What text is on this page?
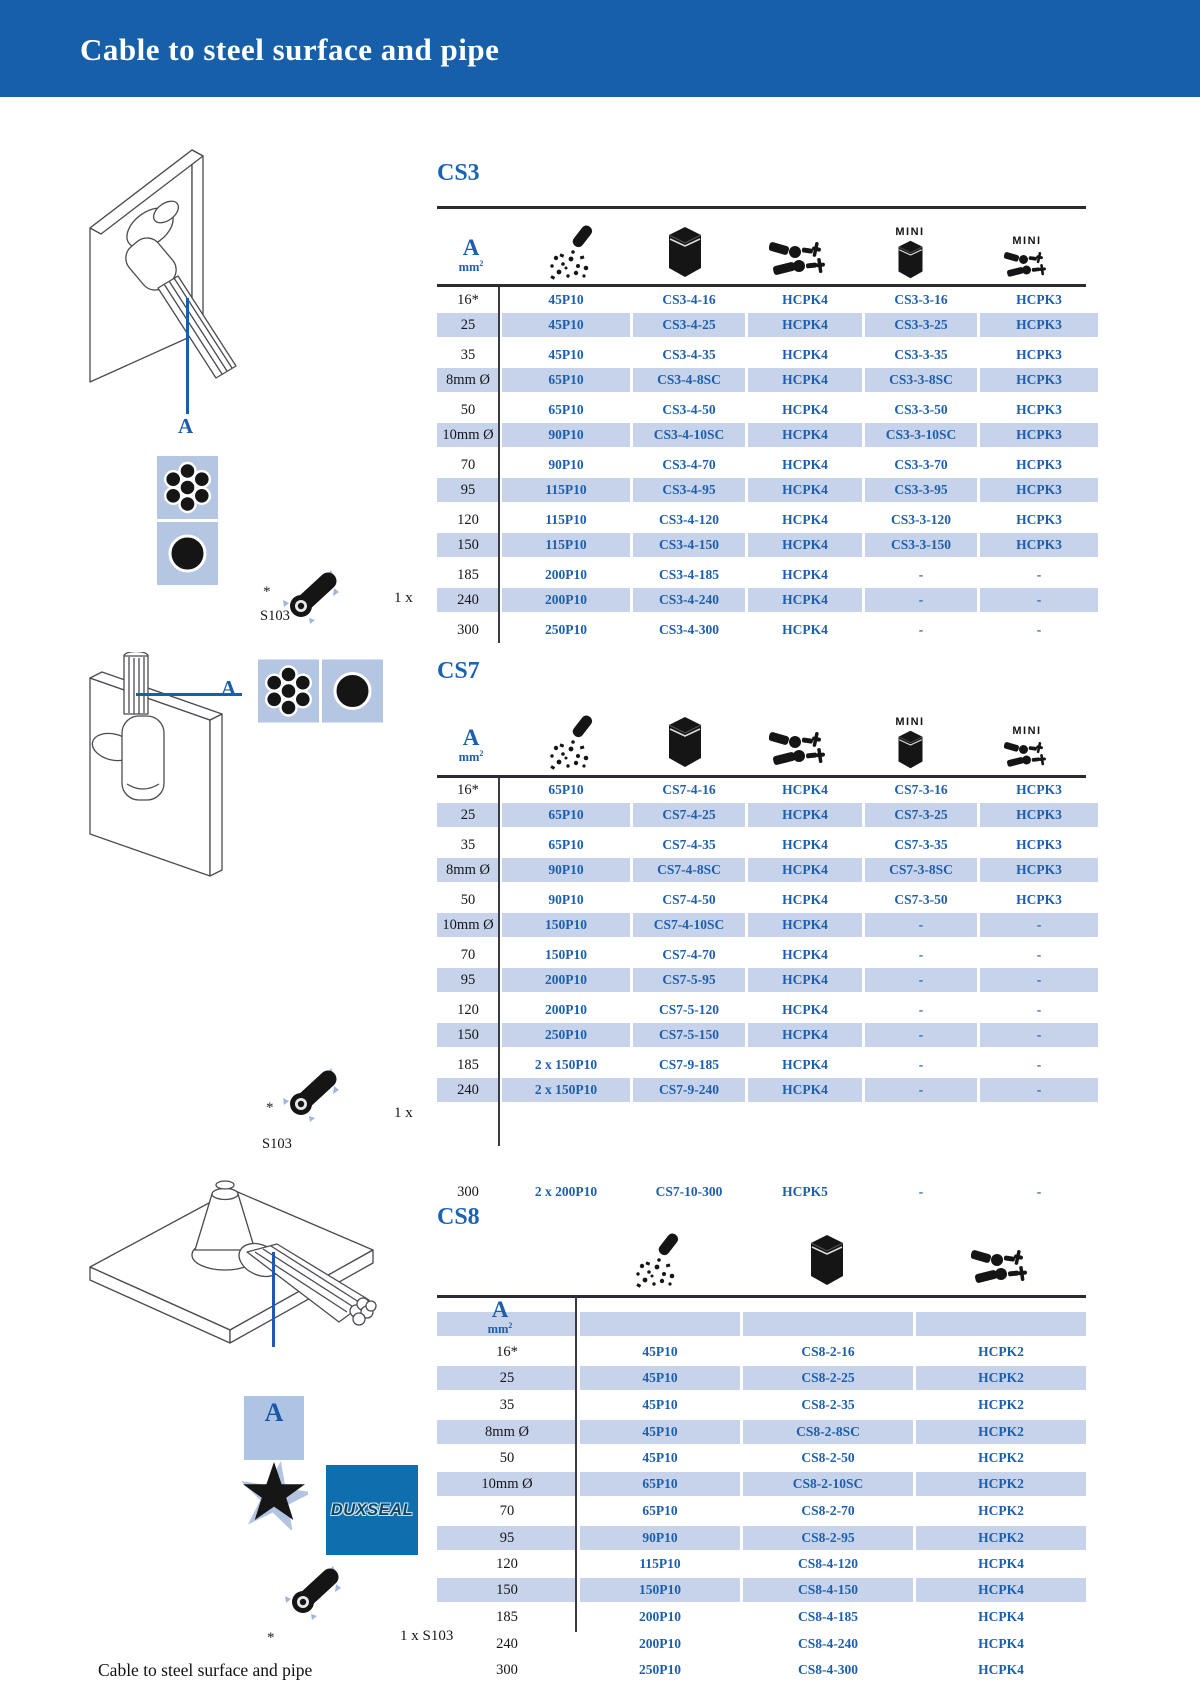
Cable to steel surface and pipe
A
*
S103
1 x
A
*
S103
1 x
A
DUXSEAL
*	1 x S103
Cable to steel surface and pipe
CS3
CS7
CS8
MINI
MINI
A
$mm^2$
MINI
MINI
A
$mm^2$
A
$mm^2$
16*	45P10	CS3-4-16	HCPK4	CS3-3-16	HCPK3
25	45P10	CS3-4-25	HCPK4	CS3-3-25	HCPK3
35	45P10	CS3-4-35	HCPK4	CS3-3-35	HCPK3
8mm Ø	65P10	CS3-4-8SC	HCPK4	CS3-3-8SC	HCPK3
50	65P10	CS3-4-50	HCPK4	CS3-3-50	HCPK3
10mm Ø	90P10	CS3-4-10SC	HCPK4	CS3-3-10SC	HCPK3
70	90P10	CS3-4-70	HCPK4	CS3-3-70	HCPK3
95	115P10	CS3-4-95	HCPK4	CS3-3-95	HCPK3
120	115P10	CS3-4-120	HCPK4	CS3-3-120	HCPK3
150	115P10	CS3-4-150	HCPK4	CS3-3-150	HCPK3
185	200P10	CS3-4-185	HCPK4	-	-
240	200P10	CS3-4-240	HCPK4	-	-
300	250P10	CS3-4-300	HCPK4	-	-
16*	65P10	CS7-4-16	HCPK4	CS7-3-16	HCPK3
25	65P10	CS7-4-25	HCPK4	CS7-3-25	HCPK3
35	65P10	CS7-4-35	HCPK4	CS7-3-35	HCPK3
8mm Ø	90P10	CS7-4-8SC	HCPK4	CS7-3-8SC	HCPK3
50	90P10	CS7-4-50	HCPK4	CS7-3-50	HCPK3
10mm Ø	150P10	CS7-4-10SC	HCPK4	-	-
70	150P10	CS7-4-70	HCPK4	-	-
95	200P10	CS7-5-95	HCPK4	-	-
120	200P10	CS7-5-120	HCPK4	-	-
150	250P10	CS7-5-150	HCPK4	-	-
185	2 x 150P10	CS7-9-185	HCPK4	-	-
240	2 x 150P10	CS7-9-240	HCPK4	-	-
300	2 x 200P10	CS7-10-300	HCPK5	-	-
16*	45P10	CS8-2-16	HCPK2
25	45P10	CS8-2-25	HCPK2
35	45P10	CS8-2-35	HCPK2
8mm Ø	45P10	CS8-2-8SC	HCPK2
50	45P10	CS8-2-50	HCPK2
10mm Ø	65P10	CS8-2-10SC	HCPK2
70	65P10	CS8-2-70	HCPK2
95	90P10	CS8-2-95	HCPK2
120	115P10	CS8-4-120	HCPK4
150	150P10	CS8-4-150	HCPK4
185	200P10	CS8-4-185	HCPK4
240	200P10	CS8-4-240	HCPK4
300	250P10	CS8-4-300	HCPK4
